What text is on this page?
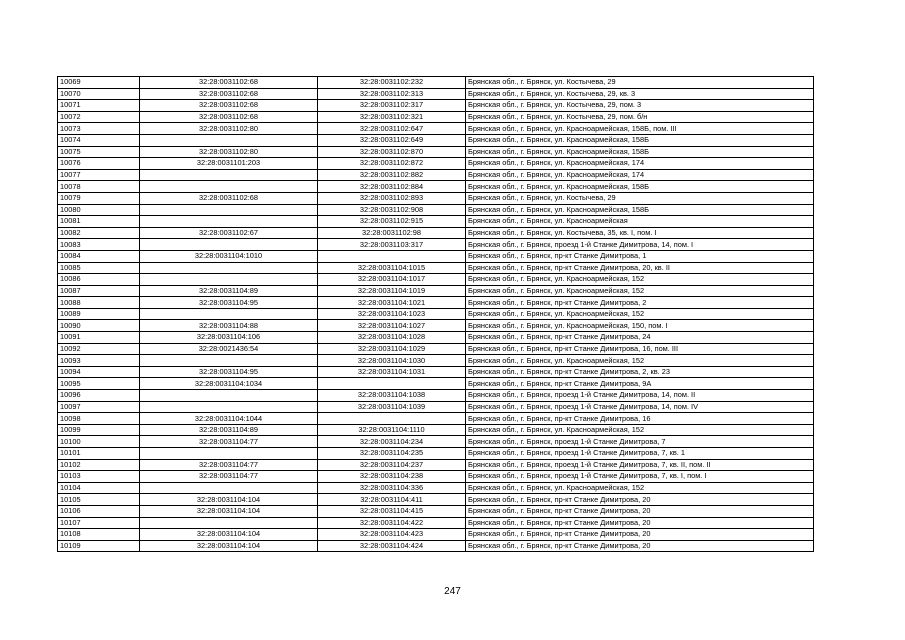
10069	32:28:0031102:68	32:28:0031102:232	Брянская обл., г. Брянск, ул. Костычева, 29
10070	32:28:0031102:68	32:28:0031102:313	Брянская обл., г. Брянск, ул. Костычева, 29, кв. 3
10071	32:28:0031102:68	32:28:0031102:317	Брянская обл., г. Брянск, ул. Костычева, 29, пом. 3
10072	32:28:0031102:68	32:28:0031102:321	Брянская обл., г. Брянск, ул. Костычева, 29, пом. б/н
10073	32:28:0031102:80	32:28:0031102:647	Брянская обл., г. Брянск, ул. Красноармейская, 158Б, пом. III
10074		32:28:0031102:649	Брянская обл., г. Брянск, ул. Красноармейская, 158Б
10075	32:28:0031102:80	32:28:0031102:870	Брянская обл., г. Брянск, ул. Красноармейская, 158Б
10076	32:28:0031101:203	32:28:0031102:872	Брянская обл., г. Брянск, ул. Красноармейская, 174
10077		32:28:0031102:882	Брянская обл., г. Брянск, ул. Красноармейская, 174
10078		32:28:0031102:884	Брянская обл., г. Брянск, ул. Красноармейская, 158Б
10079	32:28:0031102:68	32:28:0031102:893	Брянская обл., г. Брянск, ул. Костычева, 29
10080		32:28:0031102:908	Брянская обл., г. Брянск, ул. Красноармейская, 158Б
10081		32:28:0031102:915	Брянская обл., г. Брянск, ул. Красноармейская
10082	32:28:0031102:67	32:28:0031102:98	Брянская обл., г. Брянск, ул. Костычева, 35, кв. I, пом. I
10083		32:28:0031103:317	Брянская обл., г. Брянск, проезд 1-й Станке Димитрова, 14, пом. I
10084	32:28:0031104:1010		Брянская обл., г. Брянск, пр-кт Станке Димитрова, 1
10085		32:28:0031104:1015	Брянская обл., г. Брянск, пр-кт Станке Димитрова, 20, кв. II
10086		32:28:0031104:1017	Брянская обл., г. Брянск, ул. Красноармейская, 152
10087	32:28:0031104:89	32:28:0031104:1019	Брянская обл., г. Брянск, ул. Красноармейская, 152
10088	32:28:0031104:95	32:28:0031104:1021	Брянская обл., г. Брянск, пр-кт Станке Димитрова, 2
10089		32:28:0031104:1023	Брянская обл., г. Брянск, ул. Красноармейская, 152
10090	32:28:0031104:88	32:28:0031104:1027	Брянская обл., г. Брянск, ул. Красноармейская, 150, пом. I
10091	32:28:0031104:106	32:28:0031104:1028	Брянская обл., г. Брянск, пр-кт Станке Димитрова, 24
10092	32:28:0021436:54	32:28:0031104:1029	Брянская обл., г. Брянск, пр-кт Станке Димитрова, 16, пом. III
10093		32:28:0031104:1030	Брянская обл., г. Брянск, ул. Красноармейская, 152
10094	32:28:0031104:95	32:28:0031104:1031	Брянская обл., г. Брянск, пр-кт Станке Димитрова, 2, кв. 23
10095	32:28:0031104:1034		Брянская обл., г. Брянск, пр-кт Станке Димитрова, 9А
10096		32:28:0031104:1038	Брянская обл., г. Брянск, проезд 1-й Станке Димитрова, 14, пом. II
10097		32:28:0031104:1039	Брянская обл., г. Брянск, проезд 1-й Станке Димитрова, 14, пом. IV
10098	32:28:0031104:1044		Брянская обл., г. Брянск, пр-кт Станке Димитрова, 16
10099	32:28:0031104:89	32:28:0031104:1110	Брянская обл., г. Брянск, ул. Красноармейская, 152
10100	32:28:0031104:77	32:28:0031104:234	Брянская обл., г. Брянск, проезд 1-й Станке Димитрова, 7
10101		32:28:0031104:235	Брянская обл., г. Брянск, проезд 1-й Станке Димитрова, 7, кв. 1
10102	32:28:0031104:77	32:28:0031104:237	Брянская обл., г. Брянск, проезд 1-й Станке Димитрова, 7, кв. II, пом. II
10103	32:28:0031104:77	32:28:0031104:238	Брянская обл., г. Брянск, проезд 1-й Станке Димитрова, 7, кв. I, пом. I
10104		32:28:0031104:336	Брянская обл., г. Брянск, ул. Красноармейская, 152
10105	32:28:0031104:104	32:28:0031104:411	Брянская обл., г. Брянск, пр-кт Станке Димитрова, 20
10106	32:28:0031104:104	32:28:0031104:415	Брянская обл., г. Брянск, пр-кт Станке Димитрова, 20
10107		32:28:0031104:422	Брянская обл., г. Брянск, пр-кт Станке Димитрова, 20
10108	32:28:0031104:104	32:28:0031104:423	Брянская обл., г. Брянск, пр-кт Станке Димитрова, 20
10109	32:28:0031104:104	32:28:0031104:424	Брянская обл., г. Брянск, пр-кт Станке Димитрова, 20
247
